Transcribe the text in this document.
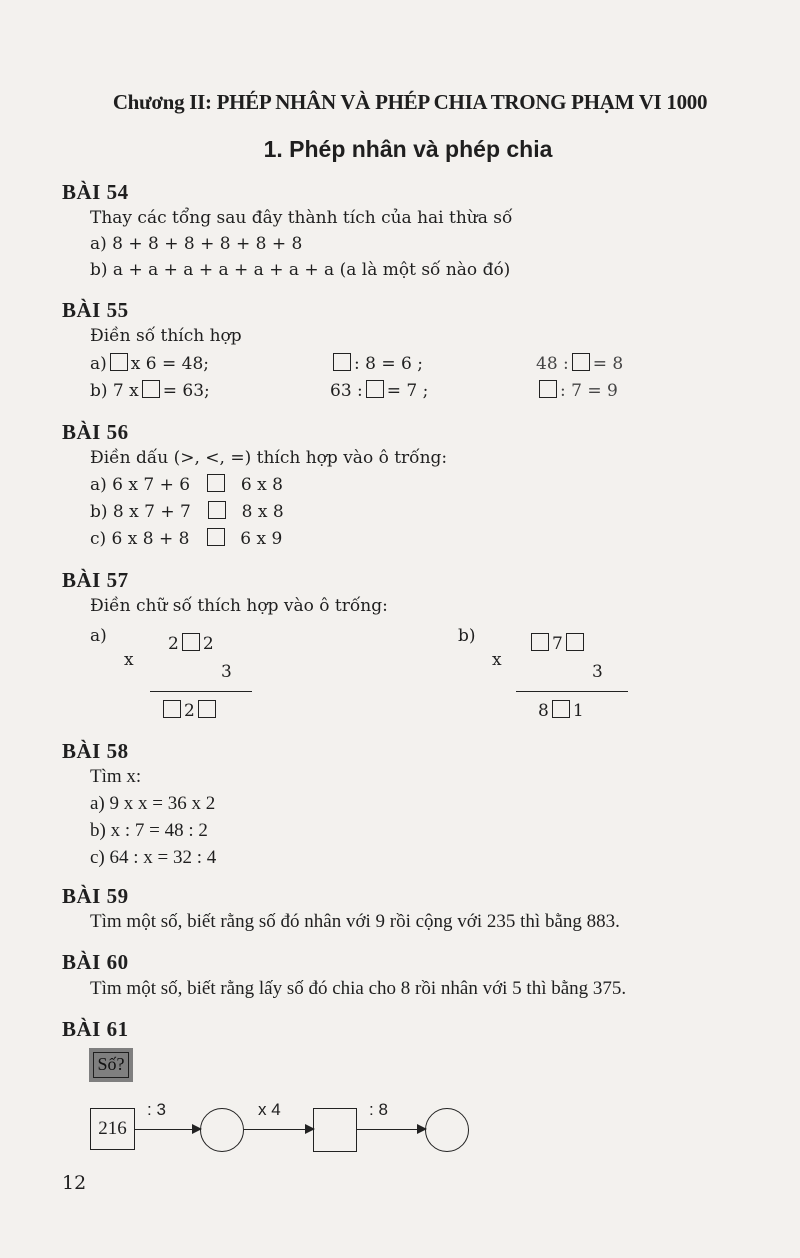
Chương II: PHÉP NHÂN VÀ PHÉP CHIA TRONG PHẠM VI 1000
1. Phép nhân và phép chia
BÀI 54
Thay các tổng sau đây thành tích của hai thừa số
a) 8 + 8 + 8 + 8 + 8 + 8
b) a + a + a + a + a + a + a (a là một số nào đó)
BÀI 55
Điền số thích hợp
a) x 6 = 48;	: 8 = 6 ;	48 : = 8
b) 7 x = 63;	63 : = 7 ;	: 7 = 9
BÀI 56
Điền dấu (>, <, =) thích hợp vào ô trống:
a) 6 x 7 + 6	6 x 8
b) 8 x 7 + 7	8 x 8
c) 6 x 8 + 8	6 x 9
BÀI 57
Điền chữ số thích hợp vào ô trống:
a)
x
2 2
3
2
b)
x
7
3
8 1
BÀI 58
Tìm x:
a) 9 x x = 36 x 2
b) x : 7 = 48 : 2
c) 64 : x = 32 : 4
BÀI 59
Tìm một số, biết rằng số đó nhân với 9 rồi cộng với 235 thì bằng 883.
BÀI 60
Tìm một số, biết rằng lấy số đó chia cho 8 rồi nhân với 5 thì bằng 375.
BÀI 61
Số?
216
: 3	x 4	: 8
12
